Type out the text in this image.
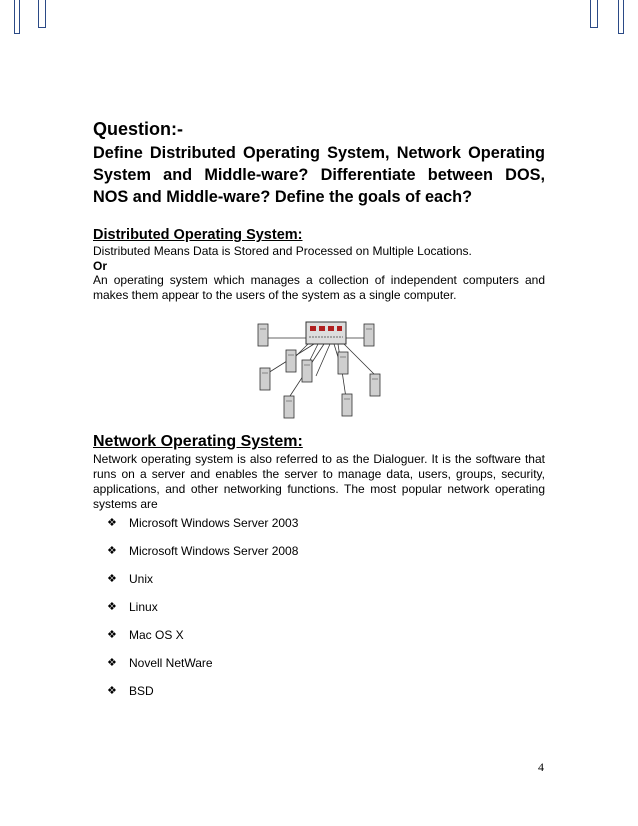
Question:-

Define Distributed Operating System, Network Operating System and Middle-ware? Differentiate between DOS, NOS and Middle-ware? Define the goals of each?

Distributed Operating System:

Distributed Means Data is Stored and Processed on Multiple Locations.

Or

An operating system which manages a collection of independent computers and makes them appear to the users of the system as a single computer.

Network Operating System:

Network operating system is also referred to as the Dialoguer. It is the software that runs on a server and enables the server to manage data, users, groups, security, applications, and other networking functions. The most popular network operating systems are

❖ Microsoft Windows Server 2003
❖ Microsoft Windows Server 2008
❖ Unix
❖ Linux
❖ Mac OS X
❖ Novell NetWare
❖ BSD
4
